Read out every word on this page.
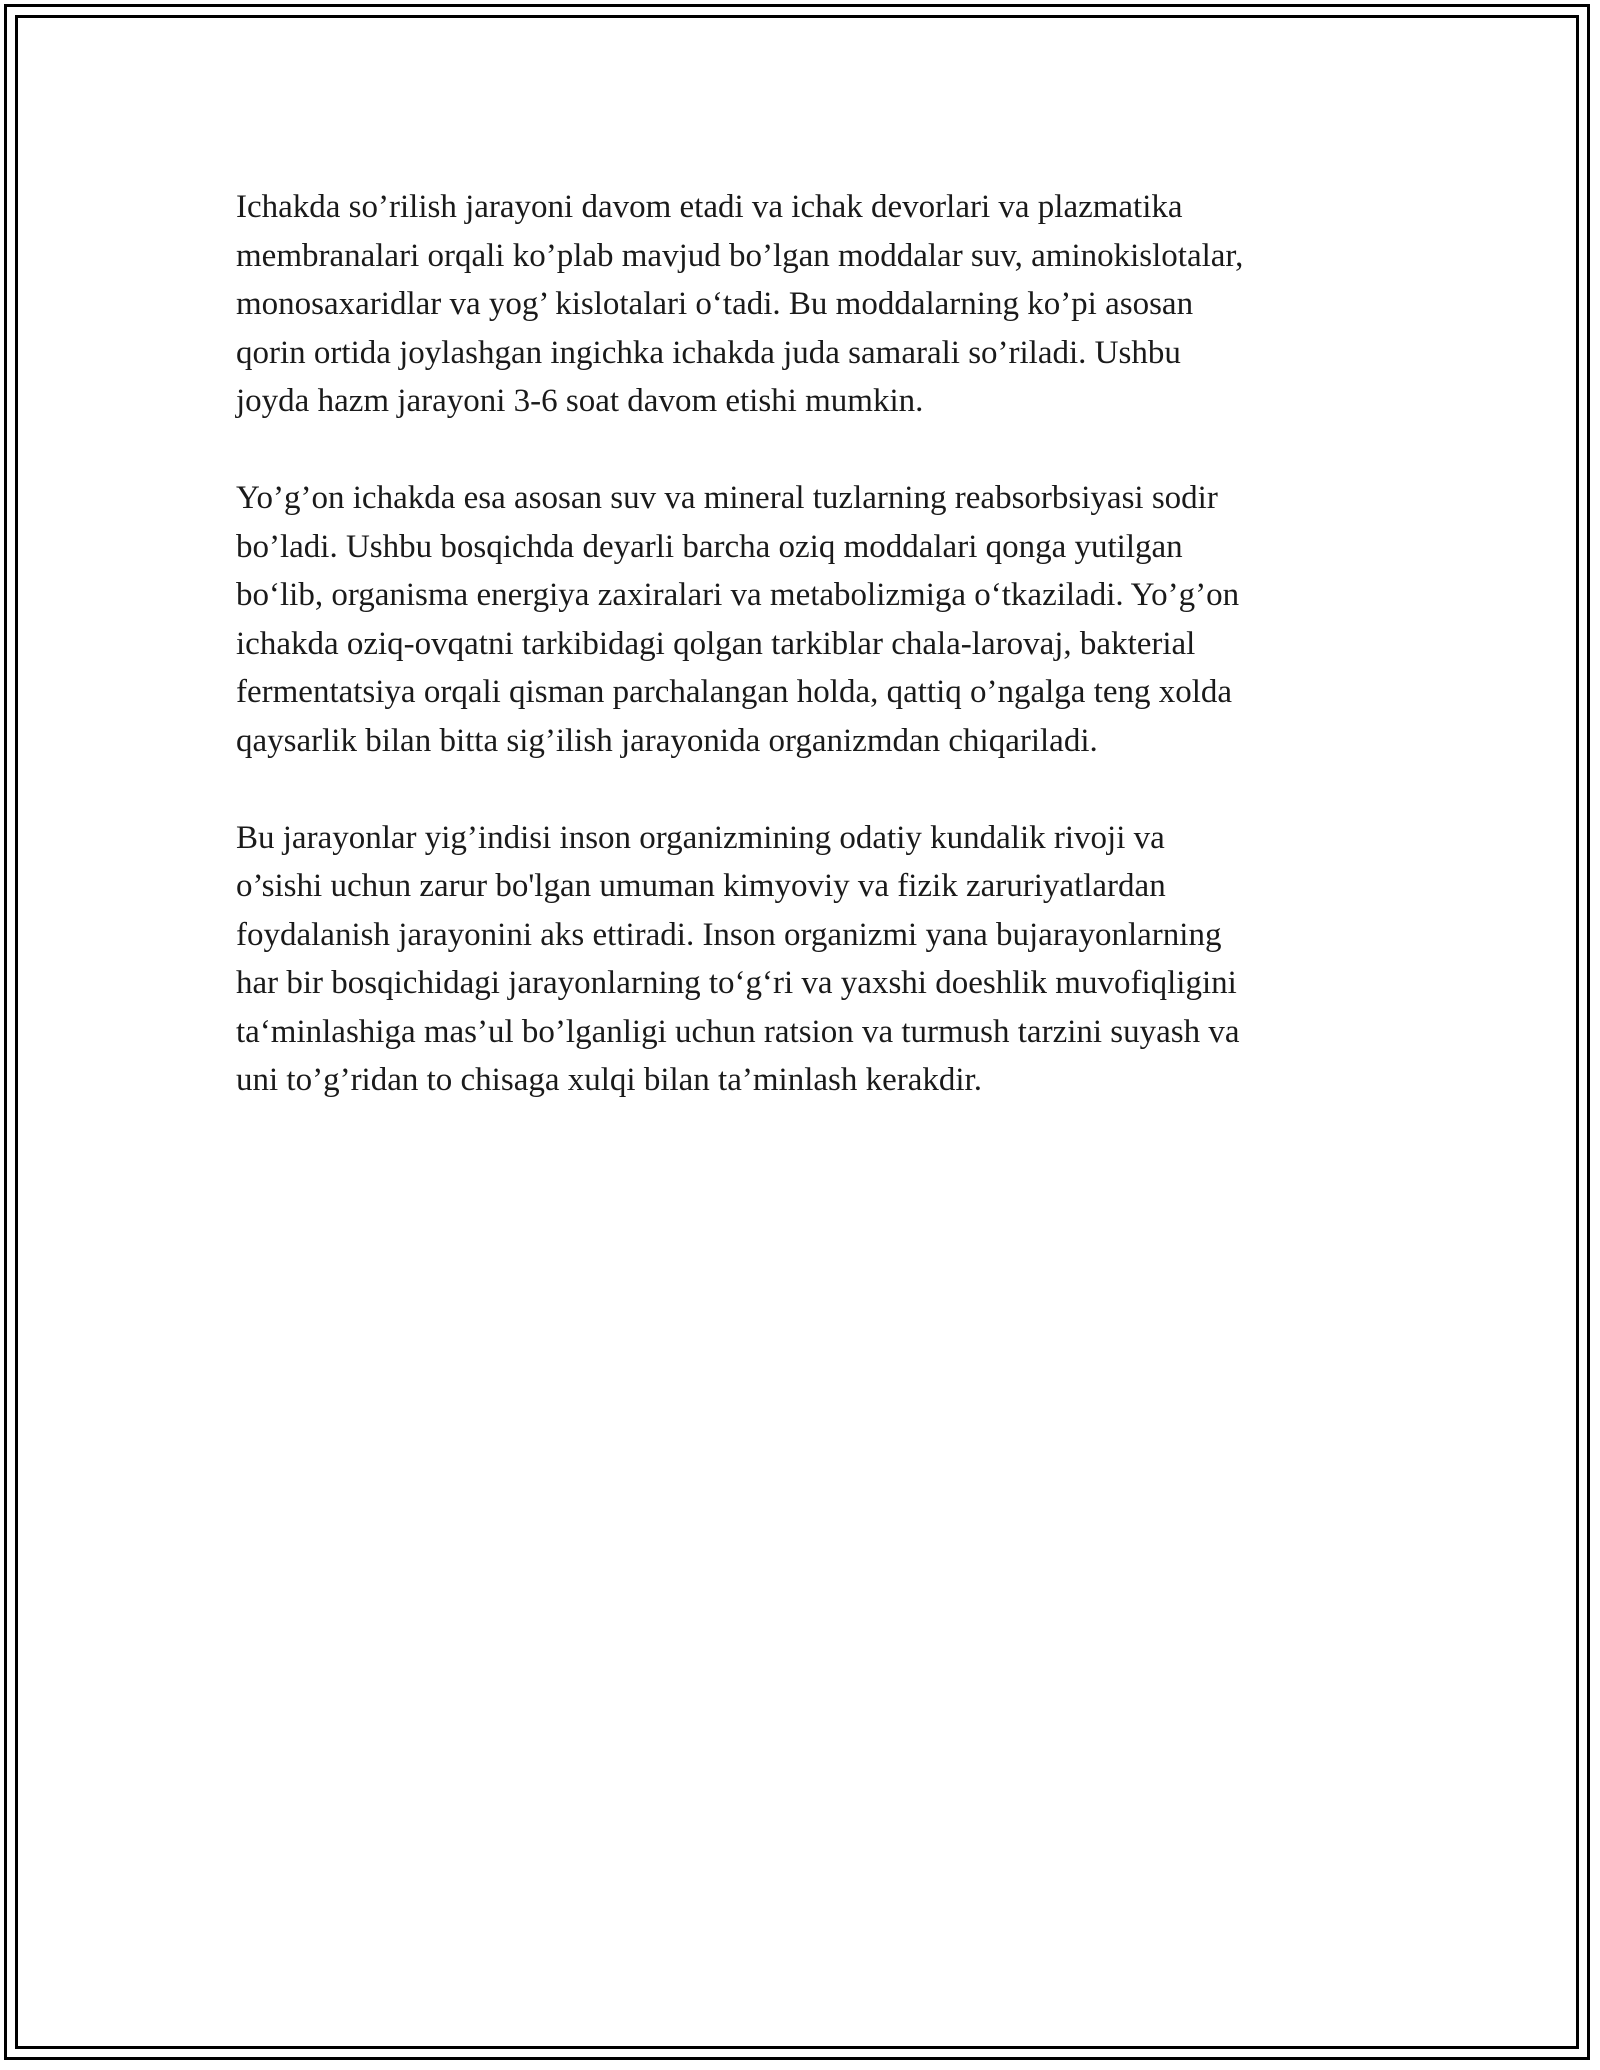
Ichakda so’rilish jarayoni davom etadi va ichak devorlari va plazmatika
membranalari orqali ko’plab mavjud bo’lgan moddalar suv, aminokislotalar,
monosaxaridlar va yog’ kislotalari o‘tadi. Bu moddalarning ko’pi asosan
qorin ortida joylashgan ingichka ichakda juda samarali so’riladi. Ushbu
joyda hazm jarayoni 3-6 soat davom etishi mumkin.

Yo’g’on ichakda esa asosan suv va mineral tuzlarning reabsorbsiyasi sodir
bo’ladi. Ushbu bosqichda deyarli barcha oziq moddalari qonga yutilgan
bo‘lib, organisma energiya zaxiralari va metabolizmiga o‘tkaziladi. Yo’g’on
ichakda oziq-ovqatni tarkibidagi qolgan tarkiblar chala-larovaj, bakterial
fermentatsiya orqali qisman parchalangan holda, qattiq o’ngalga teng xolda
qaysarlik bilan bitta sig’ilish jarayonida organizmdan chiqariladi.

Bu jarayonlar yig’indisi inson organizmining odatiy kundalik rivoji va
o’sishi uchun zarur bo'lgan umuman kimyoviy va fizik zaruriyatlardan
foydalanish jarayonini aks ettiradi. Inson organizmi yana bujarayonlarning
har bir bosqichidagi jarayonlarning to‘g‘ri va yaxshi doeshlik muvofiqligini
ta‘minlashiga mas’ul bo’lganligi uchun ratsion va turmush tarzini suyash va
uni to’g’ridan to chisaga xulqi bilan ta’minlash kerakdir.
